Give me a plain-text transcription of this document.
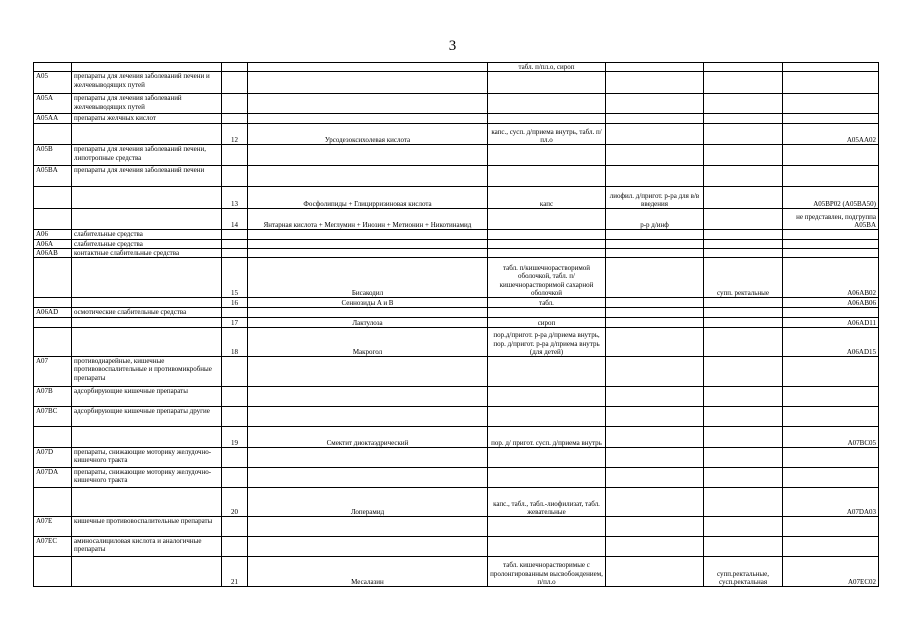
3
				табл. п/пл.о, сироп			
A05	препараты для лечения заболеваний печени и желчевыводящих путей						
A05A	препараты для лечения заболеваний желчевыводящих путей						
A05AA	препараты желчных кислот						
		12	Урсодезоксихолевая кислота	капс., сусп. д/приема внутрь, табл. п/пл.о			A05AA02
A05B	препараты для лечения заболеваний печени, липотропные средства						
A05BA	препараты для лечения заболеваний печени						
		13	Фосфолипиды + Глицирризиновая кислота	капс	лиофил. д/пригот. р-ра для в/в введения		A05BP02 (A05BA50)
		14	Янтарная кислота + Меглумин + Инозин + Метионин + Никотинамид		р-р д/инф		не представлен, подгруппа A05BA
A06	слабительные средства						
A06A	слабительные средства						
A06AB	контактные слабительные средства						
		15	Бисакодил	табл. п/кишечнорастворимой оболочкой, табл. п/кишечнорастворимой сахарной оболочкой		супп. ректальные	A06AB02
		16	Сеннозиды A и B	табл.			A06AB06
A06AD	осмотические слабительные средства						
		17	Лактулоза	сироп			A06AD11
		18	Макрогол	пор.д/пригот. р-ра д/приема внутрь, пор. д/пригот. р-ра д/приема внутрь (для детей)			A06AD15
A07	противодиарейные, кишечные противовоспалительные и противомикробные препараты						
A07B	адсорбирующие кишечные препараты						
A07BC	адсорбирующие кишечные препараты другие						
		19	Смектит диоктаэдрический	пор. д/ пригот. сусп. д/приема внутрь			A07BC05
A07D	препараты, снижающие моторику желудочно-кишечного тракта						
A07DA	препараты, снижающие моторику желудочно-кишечного тракта						
		20	Лоперамид	капс., табл., табл.-лиофилизат, табл. жевательные			A07DA03
A07E	кишечные противовоспалительные препараты						
A07EC	аминосалициловая кислота и аналогичные препараты						
		21	Месалазин	табл. кишечнорастворимые с пролонгированным высвобождением, п/пл.о		супп.ректальные, сусп.ректальная	A07EC02
